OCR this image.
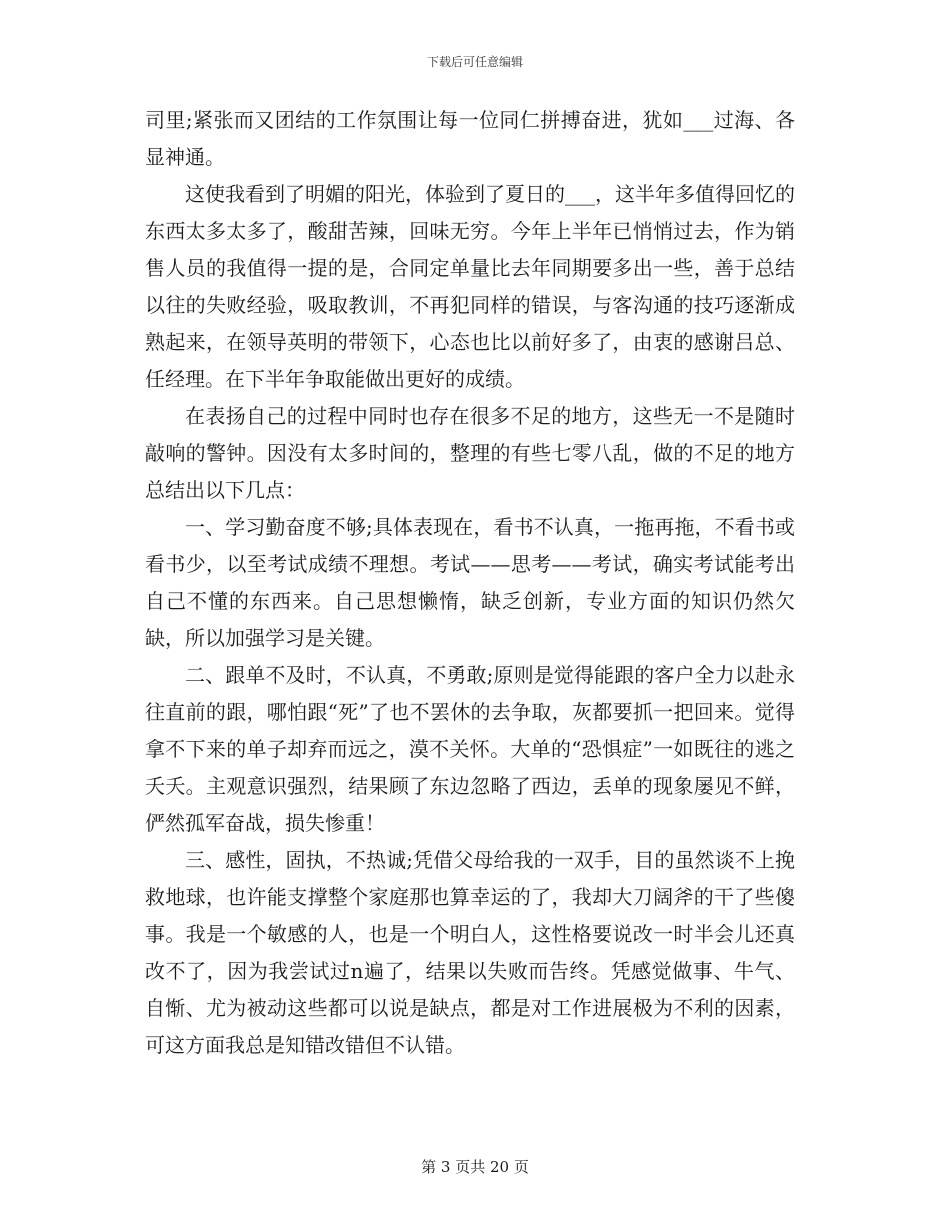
下载后可任意编辑

司里;紧张而又团结的工作氛围让每一位同仁拼搏奋进，犹如___过海、各显神通。

这使我看到了明媚的阳光，体验到了夏日的___，这半年多值得回忆的东西太多太多了，酸甜苦辣，回味无穷。今年上半年已悄悄过去，作为销售人员的我值得一提的是，合同定单量比去年同期要多出一些，善于总结以往的失败经验，吸取教训，不再犯同样的错误，与客沟通的技巧逐渐成熟起来，在领导英明的带领下，心态也比以前好多了，由衷的感谢吕总、任经理。在下半年争取能做出更好的成绩。

在表扬自己的过程中同时也存在很多不足的地方，这些无一不是随时敲响的警钟。因没有太多时间的，整理的有些七零八乱，做的不足的地方总结出以下几点：

一、学习勤奋度不够;具体表现在，看书不认真，一拖再拖，不看书或看书少，以至考试成绩不理想。考试——思考——考试，确实考试能考出自己不懂的东西来。自己思想懒惰，缺乏创新，专业方面的知识仍然欠缺，所以加强学习是关键。

二、跟单不及时，不认真，不勇敢;原则是觉得能跟的客户全力以赴永往直前的跟，哪怕跟“死”了也不罢休的去争取，灰都要抓一把回来。觉得拿不下来的单子却弃而远之，漠不关怀。大单的“恐惧症”一如既往的逃之夭夭。主观意识强烈，结果顾了东边忽略了西边，丢单的现象屡见不鲜，俨然孤军奋战，损失惨重！

三、感性，固执，不热诚;凭借父母给我的一双手，目的虽然谈不上挽救地球，也许能支撑整个家庭那也算幸运的了，我却大刀阔斧的干了些傻事。我是一个敏感的人，也是一个明白人，这性格要说改一时半会儿还真改不了，因为我尝试过n遍了，结果以失败而告终。凭感觉做事、牛气、自惭、尤为被动这些都可以说是缺点，都是对工作进展极为不利的因素，可这方面我总是知错改错但不认错。

第 3 页共 20 页
